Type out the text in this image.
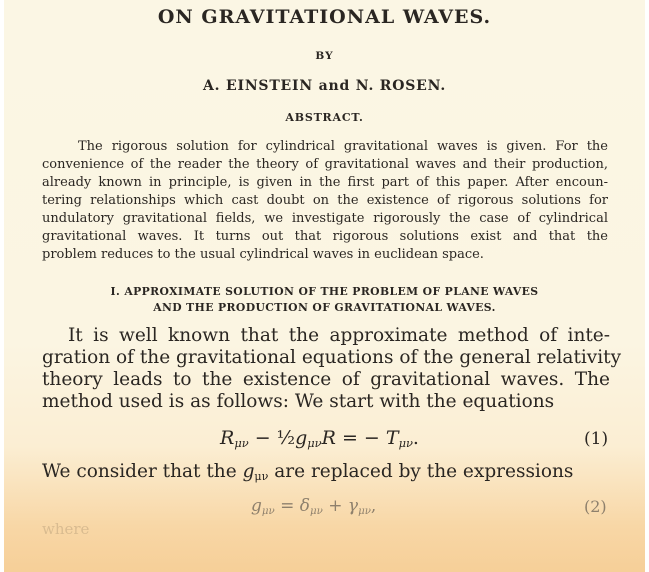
ON GRAVITATIONAL WAVES.
BY
A. EINSTEIN and N. ROSEN.
ABSTRACT.
The rigorous solution for cylindrical gravitational waves is given. For the
convenience of the reader the theory of gravitational waves and their production,
already known in principle, is given in the first part of this paper. After encoun-
tering relationships which cast doubt on the existence of rigorous solutions for
undulatory gravitational fields, we investigate rigorously the case of cylindrical
gravitational waves. It turns out that rigorous solutions exist and that the
problem reduces to the usual cylindrical waves in euclidean space.
I. APPROXIMATE SOLUTION OF THE PROBLEM OF PLANE WAVES
AND THE PRODUCTION OF GRAVITATIONAL WAVES.
It is well known that the approximate method of inte-
gration of the gravitational equations of the general relativity
theory leads to the existence of gravitational waves. The
method used is as follows: We start with the equations
$R_{\mu\nu}$ − $\frac{1}{2}g_{\mu\nu}R$ = − $T_{\mu\nu}$.	(1)
We consider that the $g_{\mu\nu}$ are replaced by the expressions
$g_{\mu\nu} = \delta_{\mu\nu} + \gamma_{\mu\nu}$,	(2)
where
